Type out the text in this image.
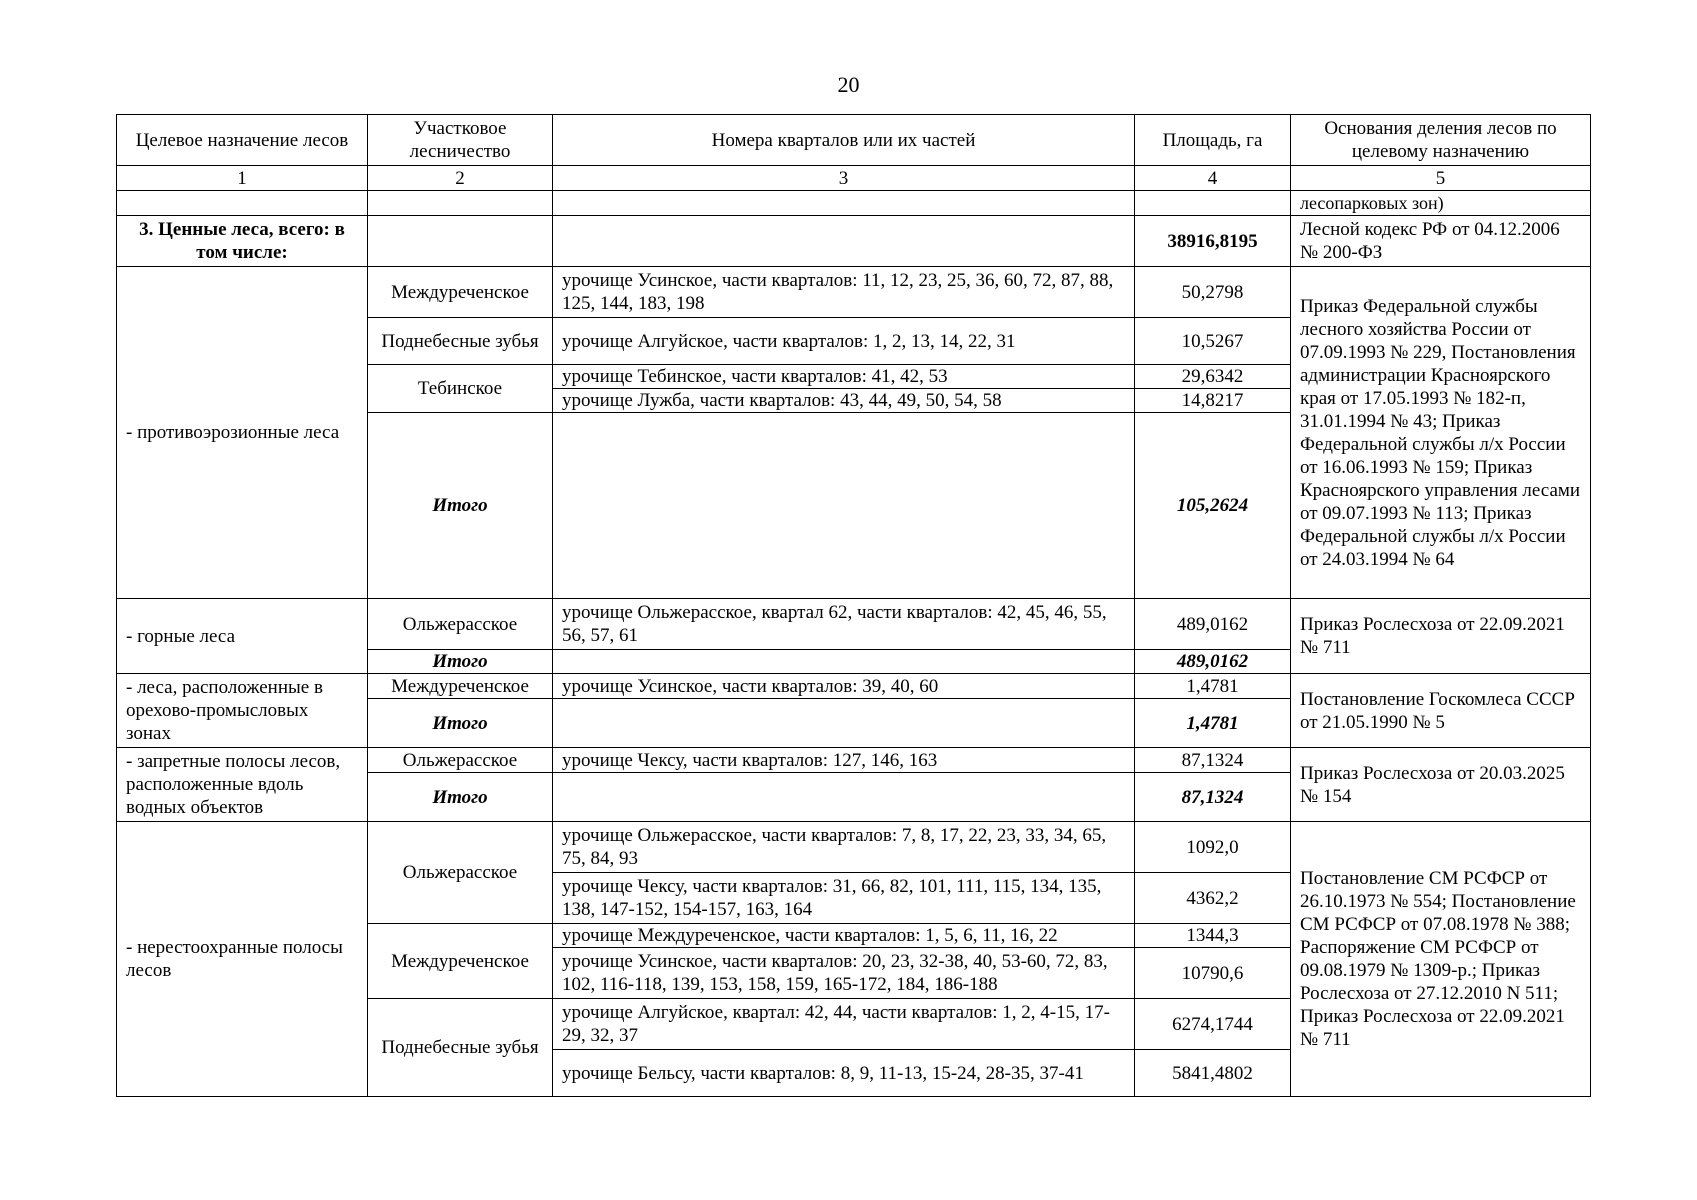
20
Целевое назначение лесов	Участковое лесничество	Номера кварталов или их частей	Площадь, га	Основания деления лесов по целевому назначению
1	2	3	4	5
				лесопарковых зон)
3. Ценные леса, всего: в том числе:			38916,8195	Лесной кодекс РФ от 04.12.2006 № 200-ФЗ
- противоэрозионные леса	Междуреченское	урочище Усинское, части кварталов: 11, 12, 23, 25, 36, 60, 72, 87, 88, 125, 144, 183, 198	50,2798	Приказ Федеральной службы лесного хозяйства России от 07.09.1993 № 229, Постановления администрации Красноярского края от 17.05.1993 № 182-п, 31.01.1994 № 43; Приказ Федеральной службы л/х России от 16.06.1993 № 159; Приказ Красноярского управления лесами от 09.07.1993 № 113; Приказ Федеральной службы л/х России от 24.03.1994 № 64
	Поднебесные зубья	урочище Алгуйское, части кварталов: 1, 2, 13, 14, 22, 31	10,5267	
	Тебинское	урочище Тебинское, части кварталов: 41, 42, 53	29,6342	
		урочище Лужба, части кварталов: 43, 44, 49, 50, 54, 58	14,8217	
	Итого		105,2624	
- горные леса	Ольжерасское	урочище Ольжерасское, квартал 62, части кварталов: 42, 45, 46, 55, 56, 57, 61	489,0162	Приказ Рослесхоза от 22.09.2021 № 711
	Итого		489,0162	
- леса, расположенные в орехово-промысловых зонах	Междуреченское	урочище Усинское, части кварталов: 39, 40, 60	1,4781	Постановление Госкомлеса СССР от 21.05.1990 № 5
	Итого		1,4781	
- запретные полосы лесов, расположенные вдоль водных объектов	Ольжерасское	урочище Чексу, части кварталов: 127, 146, 163	87,1324	Приказ Рослесхоза от 20.03.2025 № 154
	Итого		87,1324	
- нерестоохранные полосы лесов	Ольжерасское	урочище Ольжерасское, части кварталов: 7, 8, 17, 22, 23, 33, 34, 65, 75, 84, 93	1092,0	Постановление СМ РСФСР от 26.10.1973 № 554; Постановление СМ РСФСР от 07.08.1978 № 388; Распоряжение СМ РСФСР от 09.08.1979 № 1309-р.; Приказ Рослесхоза от 27.12.2010 N 511; Приказ Рослесхоза от 22.09.2021 № 711
		урочище Чексу, части кварталов: 31, 66, 82, 101, 111, 115, 134, 135, 138, 147-152, 154-157, 163, 164	4362,2	
	Междуреченское	урочище Междуреченское, части кварталов: 1, 5, 6, 11, 16, 22	1344,3	
		урочище Усинское, части кварталов: 20, 23, 32-38, 40, 53-60, 72, 83, 102, 116-118, 139, 153, 158, 159, 165-172, 184, 186-188	10790,6	
	Поднебесные зубья	урочище Алгуйское, квартал: 42, 44, части кварталов: 1, 2, 4-15, 17-29, 32, 37	6274,1744	
		урочище Бельсу, части кварталов: 8, 9, 11-13, 15-24, 28-35, 37-41	5841,4802	
